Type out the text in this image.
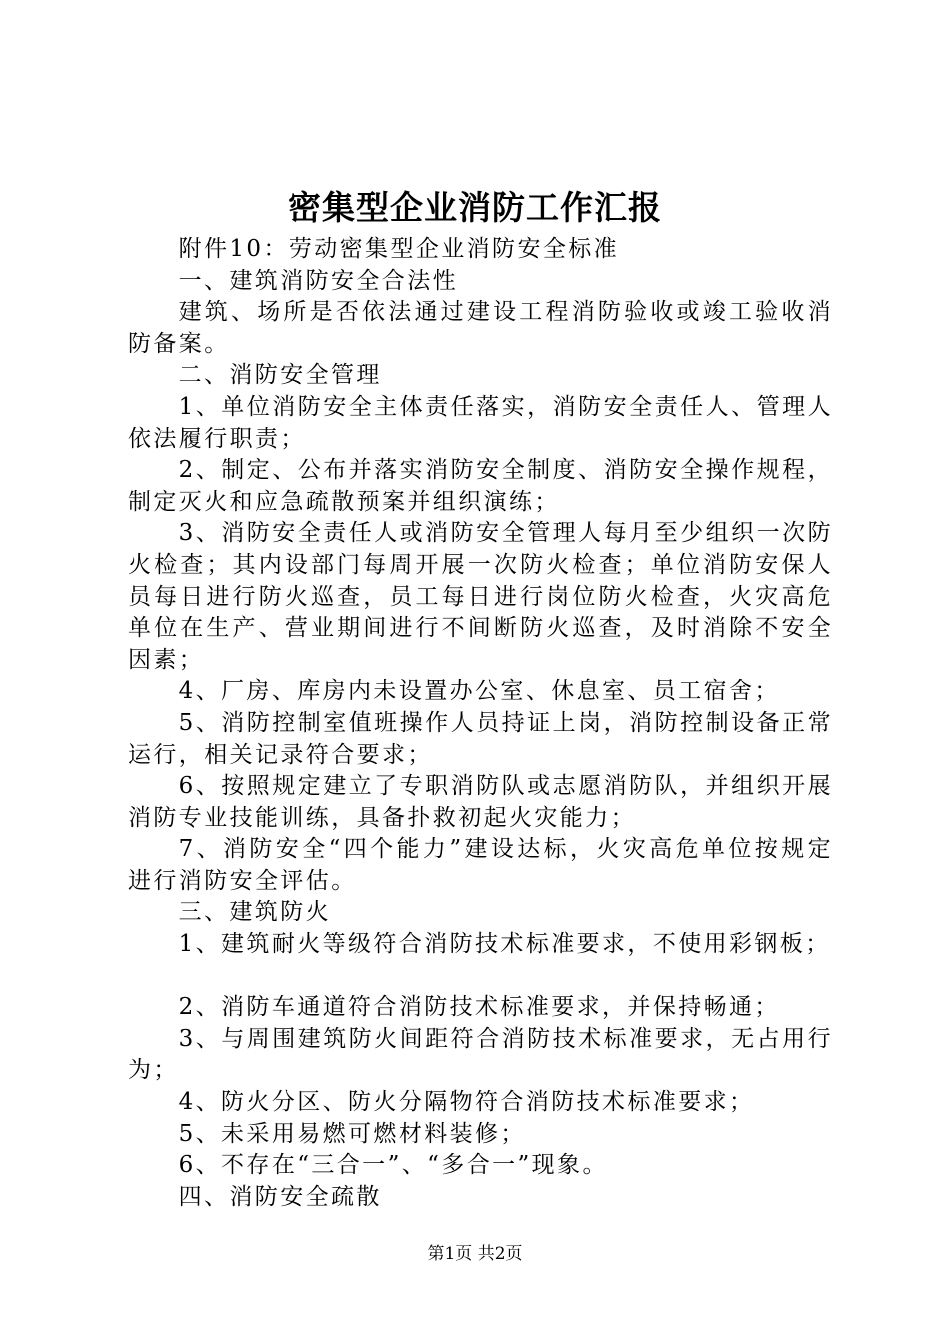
密集型企业消防工作汇报

附件10：劳动密集型企业消防安全标准

一、建筑消防安全合法性

建筑、场所是否依法通过建设工程消防验收或竣工验收消防备案。

二、消防安全管理

1、单位消防安全主体责任落实，消防安全责任人、管理人依法履行职责；

2、制定、公布并落实消防安全制度、消防安全操作规程，制定灭火和应急疏散预案并组织演练；

3、消防安全责任人或消防安全管理人每月至少组织一次防火检查；其内设部门每周开展一次防火检查；单位消防安保人员每日进行防火巡查，员工每日进行岗位防火检查，火灾高危单位在生产、营业期间进行不间断防火巡查，及时消除不安全因素；

4、厂房、库房内未设置办公室、休息室、员工宿舍；

5、消防控制室值班操作人员持证上岗，消防控制设备正常运行，相关记录符合要求；

6、按照规定建立了专职消防队或志愿消防队，并组织开展消防专业技能训练，具备扑救初起火灾能力；

7、消防安全“四个能力”建设达标，火灾高危单位按规定进行消防安全评估。

三、建筑防火

1、建筑耐火等级符合消防技术标准要求，不使用彩钢板；

2、消防车通道符合消防技术标准要求，并保持畅通；

3、与周围建筑防火间距符合消防技术标准要求，无占用行为；

4、防火分区、防火分隔物符合消防技术标准要求；

5、未采用易燃可燃材料装修；

6、不存在“三合一”、“多合一”现象。

四、消防安全疏散

第1页 共2页
